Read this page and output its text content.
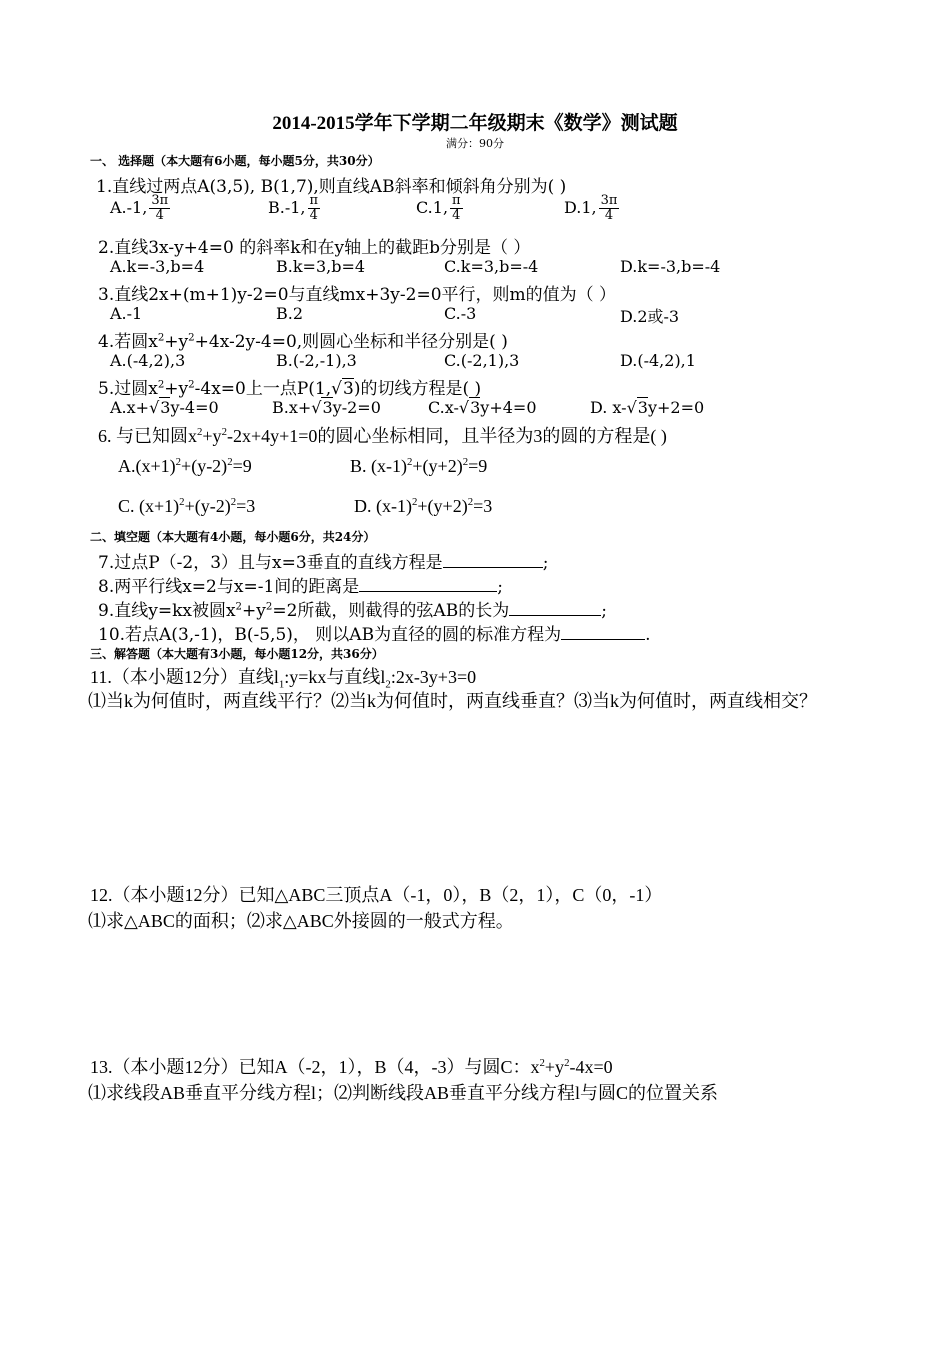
2014-2015学年下学期二年级期末《数学》测试题
满分：90分
一、 选择题（本大题有6小题，每小题5分，共30分）
1.直线过两点A(3,5), B(1,7),则直线AB斜率和倾斜角分别为( )
A.-1, $\frac{3\pi}{4}$	B.-1, $\frac{\pi}{4}$	C.1, $\frac{\pi}{4}$	D.1, $\frac{3\pi}{4}$
2.直线3x-y+4=0 的斜率k和在y轴上的截距b分别是（ ）
A.k=-3,b=4	B.k=3,b=4	C.k=3,b=-4	D.k=-3,b=-4
3.直线2x+(m+1)y-2=0与直线mx+3y-2=0平行，则m的值为（ ）
A.-1	B.2	C.-3	D.2或-3
4.若圆$x^2+y^2+4x-2y-4=0$,则圆心坐标和半径分别是( )
A.(-4,2),3	B.(-2,-1),3	C.(-2,1),3	D.(-4,2),1
5.过圆$x^2+y^2-4x=0$上一点P(1,√3)的切线方程是( )
A.x+√3y-4=0	B.x+√3y-2=0	C.x-√3y+4=0	D. x-√3y+2=0
6. 与已知圆$x^2+y^2-2x+4y+1=0$的圆心坐标相同，且半径为3的圆的方程是( )
$A.(x+1)^2+(y-2)^2=9$	B. $(x-1)^2+(y+2)^2=9$
C. $(x+1)^2+(y-2)^2=3$	D. $(x-1)^2+(y+2)^2=3$
二、填空题（本大题有4小题，每小题6分，共24分）
7.过点P（-2，3）且与x=3垂直的直线方程是	;
8.两平行线x=2与x=-1间的距离是	;
9.直线y=kx被圆$x^2+y^2=2$所截，则截得的弦AB的长为	;
10.若点A(3,-1)，B(-5,5)， 则以AB为直径的圆的标准方程为	.
三、解答题（本大题有3小题，每小题12分，共36分）
11.（本小题12分）直线$l_1:y=kx$与直线$l_2:2x-3y+3=0$
⑴当k为何值时，两直线平行？⑵当k为何值时，两直线垂直？⑶当k为何值时，两直线相交？
12.（本小题12分）已知△ABC三顶点A（-1，0），B（2，1），C（0，-1）
⑴求△ABC的面积；⑵求△ABC外接圆的一般式方程。
13.（本小题12分）已知A（-2，1），B（4，-3）与圆C：$x^2+y^2-4x=0$
⑴求线段AB垂直平分线方程l；⑵判断线段AB垂直平分线方程l与圆C的位置关系
